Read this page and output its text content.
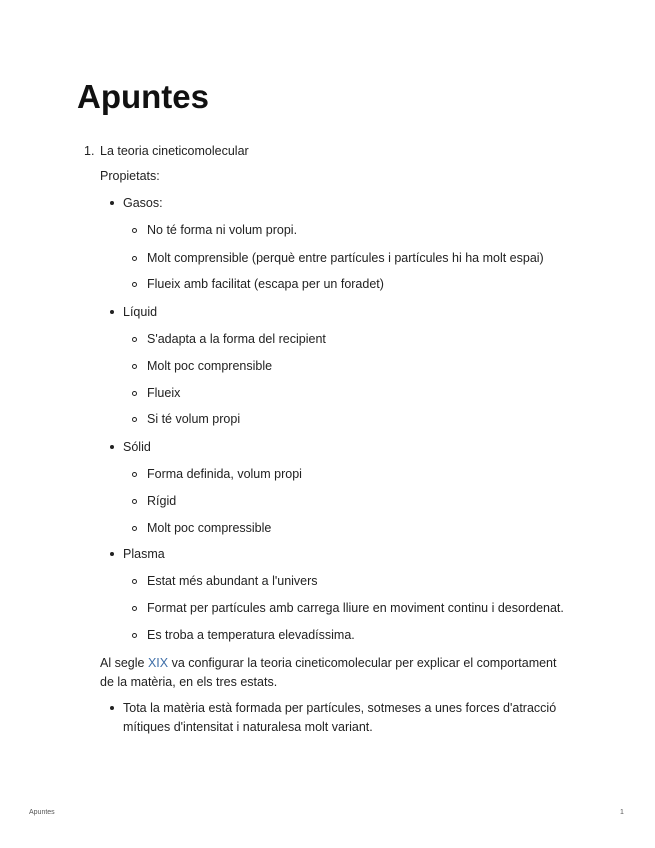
Apuntes
1. La teoria cineticomolecular
Propietats:
Gasos:
No té forma ni volum propi.
Molt comprensible (perquè entre partícules i partícules hi ha molt espai)
Flueix amb facilitat (escapa per un foradet)
Líquid
S'adapta a la forma del recipient
Molt poc comprensible
Flueix
Si té volum propi
Sólid
Forma definida, volum propi
Rígid
Molt poc compressible
Plasma
Estat més abundant a l'univers
Format per partícules amb carrega lliure en moviment continu i desordenat.
Es troba a temperatura elevadíssima.
Al segle XIX va configurar la teoria cineticomolecular per explicar el comportament
de la matèria, en els tres estats.
Tota la matèria està formada per partícules, sotmeses a unes forces d'atracció
mítiques d'intensitat i naturalesa molt variant.
Apuntes	1
